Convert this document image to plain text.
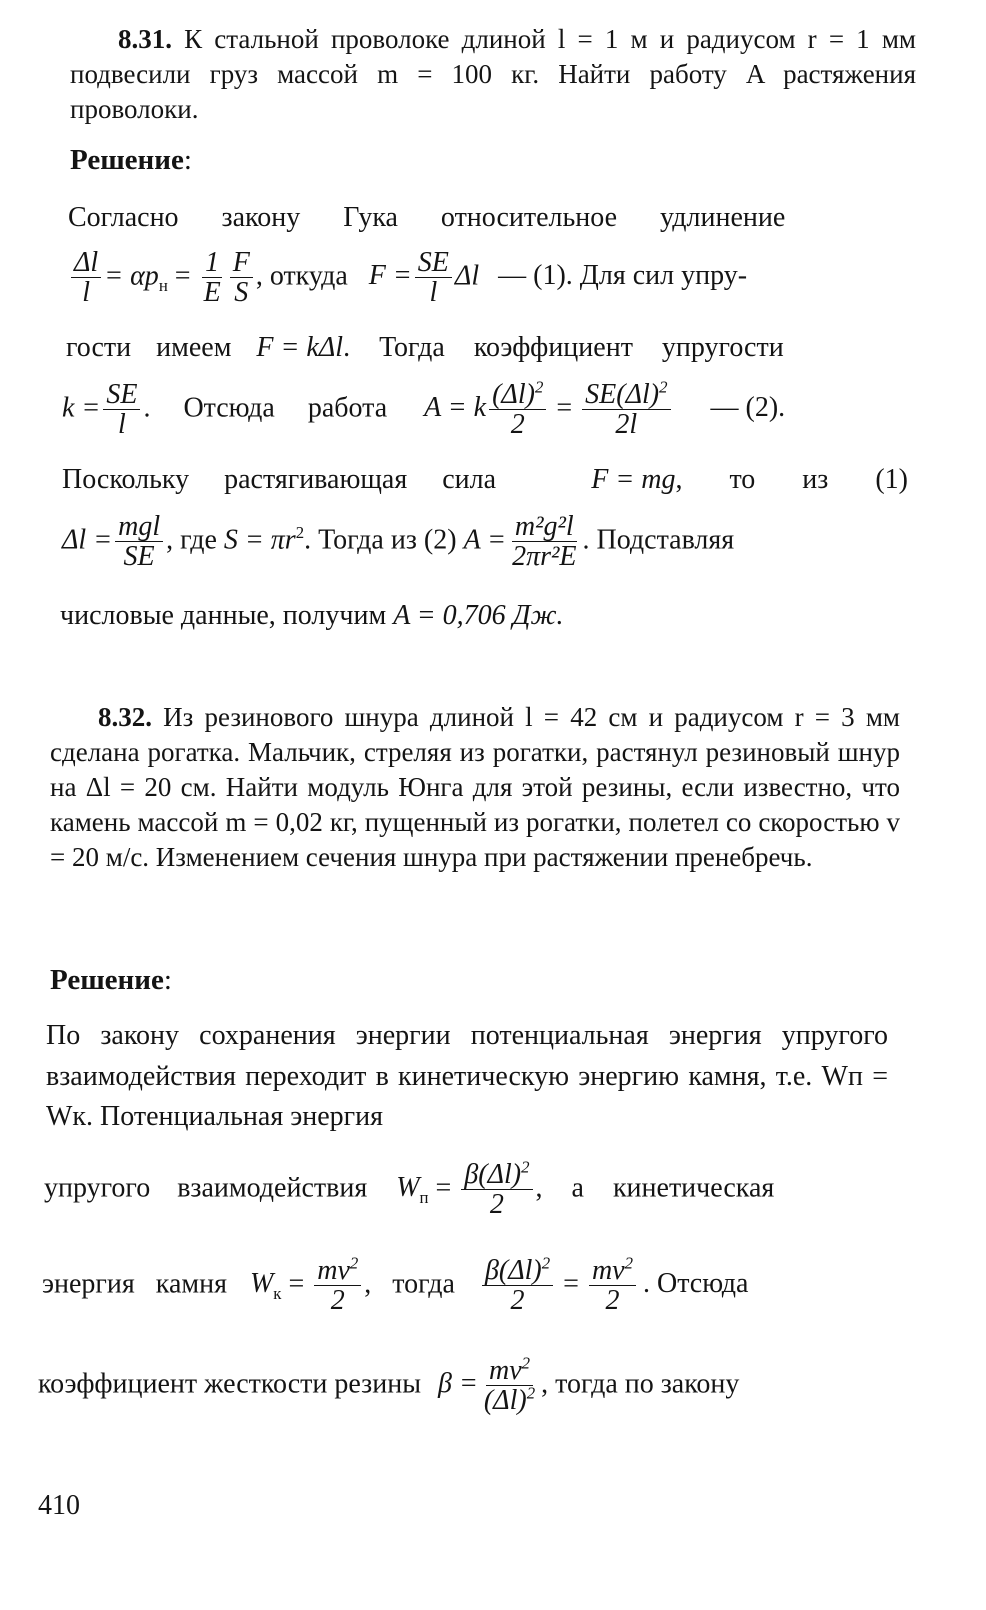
8.31. К стальной проволоке длиной l = 1 м и радиусом r = 1 мм подвесили груз массой m = 100 кг. Найти работу A растяжения проволоки.
Решение:
Согласно закону Гука относительное удлинение
$\frac{\Delta l}{l} = \alpha p_н = \frac{1}{E} \frac{F}{S}$ , откуда $F = \frac{SE}{l}$ Δl — (1). Для сил упру-
гости имеем F = kΔl. Тогда коэффициент упругости
$k = \frac{SE}{l}$ . Отсюда работа A = k $\frac{(\Delta l)^2}{2} = \frac{SE(\Delta l)^2}{2l}$ — (2).
Поскольку растягивающая сила	F = mg, то из (1)
$\Delta l = \frac{\text{mgl}}{SE}$ , где $S = \pi r^2$. Тогда из (2) $A = \frac{\text{m²g²l}}{\text{2πr²E}}$ . Подставляя
числовые данные, получим A = 0,706 Дж.
8.32. Из резинового шнура длиной l = 42 см и радиусом r = 3 мм сделана рогатка. Мальчик, стреляя из рогатки, растянул резиновый шнур на Δl = 20 см. Найти модуль Юнга для этой резины, если известно, что камень массой m = 0,02 кг, пущенный из рогатки, полетел со скоростью v = 20 м/с. Изменением сечения шнура при растяжении пренебречь.
Решение:
По закону сохранения энергии потенциальная энергия упругого взаимодействия переходит в кинетическую энергию камня, т.е. Wп = Wк. Потенциальная энергия
упругого взаимодействия $W_п = \frac{\beta(\Delta l)^2}{2}$ , а кинетическая
энергия камня $W_к = \frac{mv^2}{2}$ , тогда $\frac{\beta(\Delta l)^2}{2} = \frac{mv^2}{2}$ . Отсюда
коэффициент жесткости резины $\beta = \frac{mv^2}{(\Delta l)^2}$ , тогда по закону
410
